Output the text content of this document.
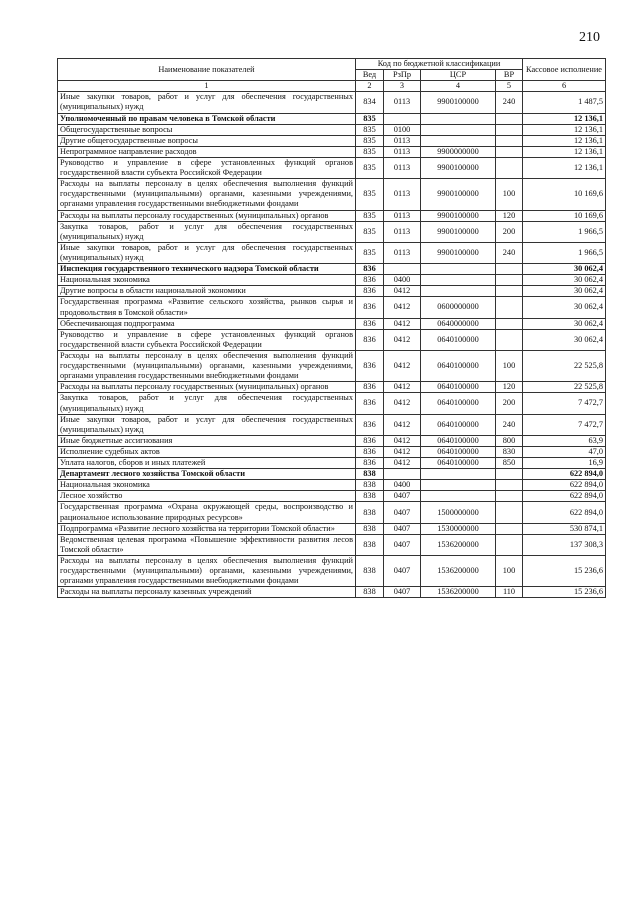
210
Наименование показателей	Код по бюджетной классификации				Кассовое исполнение
	Вед	РзПр	ЦСР	ВР	
1	2	3	4	5	6
Иные закупки товаров, работ и услуг для обеспечения государственных (муниципальных) нужд	834	0113	9900100000	240	1 487,5
Уполномоченный по правам человека в Томской области	835				12 136,1
Общегосударственные вопросы	835	0100			12 136,1
Другие общегосударственные вопросы	835	0113			12 136,1
Непрограммное направление расходов	835	0113	9900000000		12 136,1
Руководство и управление в сфере установленных функций органов государственной власти субъекта Российской Федерации	835	0113	9900100000		12 136,1
Расходы на выплаты персоналу в целях обеспечения выполнения функций государственными (муниципальными) органами, казенными учреждениями, органами управления государственными внебюджетными фондами	835	0113	9900100000	100	10 169,6
Расходы на выплаты персоналу государственных (муниципальных) органов	835	0113	9900100000	120	10 169,6
Закупка товаров, работ и услуг для обеспечения государственных (муниципальных) нужд	835	0113	9900100000	200	1 966,5
Иные закупки товаров, работ и услуг для обеспечения государственных (муниципальных) нужд	835	0113	9900100000	240	1 966,5
Инспекция государственного технического надзора Томской области	836				30 062,4
Национальная экономика	836	0400			30 062,4
Другие вопросы в области национальной экономики	836	0412			30 062,4
Государственная программа «Развитие сельского хозяйства, рынков сырья и продовольствия в Томской области»	836	0412	0600000000		30 062,4
Обеспечивающая подпрограмма	836	0412	0640000000		30 062,4
Руководство и управление в сфере установленных функций органов государственной власти субъекта Российской Федерации	836	0412	0640100000		30 062,4
Расходы на выплаты персоналу в целях обеспечения выполнения функций государственными (муниципальными) органами, казенными учреждениями, органами управления государственными внебюджетными фондами	836	0412	0640100000	100	22 525,8
Расходы на выплаты персоналу государственных (муниципальных) органов	836	0412	0640100000	120	22 525,8
Закупка товаров, работ и услуг для обеспечения государственных (муниципальных) нужд	836	0412	0640100000	200	7 472,7
Иные закупки товаров, работ и услуг для обеспечения государственных (муниципальных) нужд	836	0412	0640100000	240	7 472,7
Иные бюджетные ассигнования	836	0412	0640100000	800	63,9
Исполнение судебных актов	836	0412	0640100000	830	47,0
Уплата налогов, сборов и иных платежей	836	0412	0640100000	850	16,9
Департамент лесного хозяйства Томской области	838				622 894,0
Национальная экономика	838	0400			622 894,0
Лесное хозяйство	838	0407			622 894,0
Государственная программа «Охрана окружающей среды, воспроизводство и рациональное использование природных ресурсов»	838	0407	1500000000		622 894,0
Подпрограмма «Развитие лесного хозяйства на территории Томской области»	838	0407	1530000000		530 874,1
Ведомственная целевая программа «Повышение эффективности развития лесов Томской области»	838	0407	1536200000		137 308,3
Расходы на выплаты персоналу в целях обеспечения выполнения функций государственными (муниципальными) органами, казенными учреждениями, органами управления государственными внебюджетными фондами	838	0407	1536200000	100	15 236,6
Расходы на выплаты персоналу казенных учреждений	838	0407	1536200000	110	15 236,6
